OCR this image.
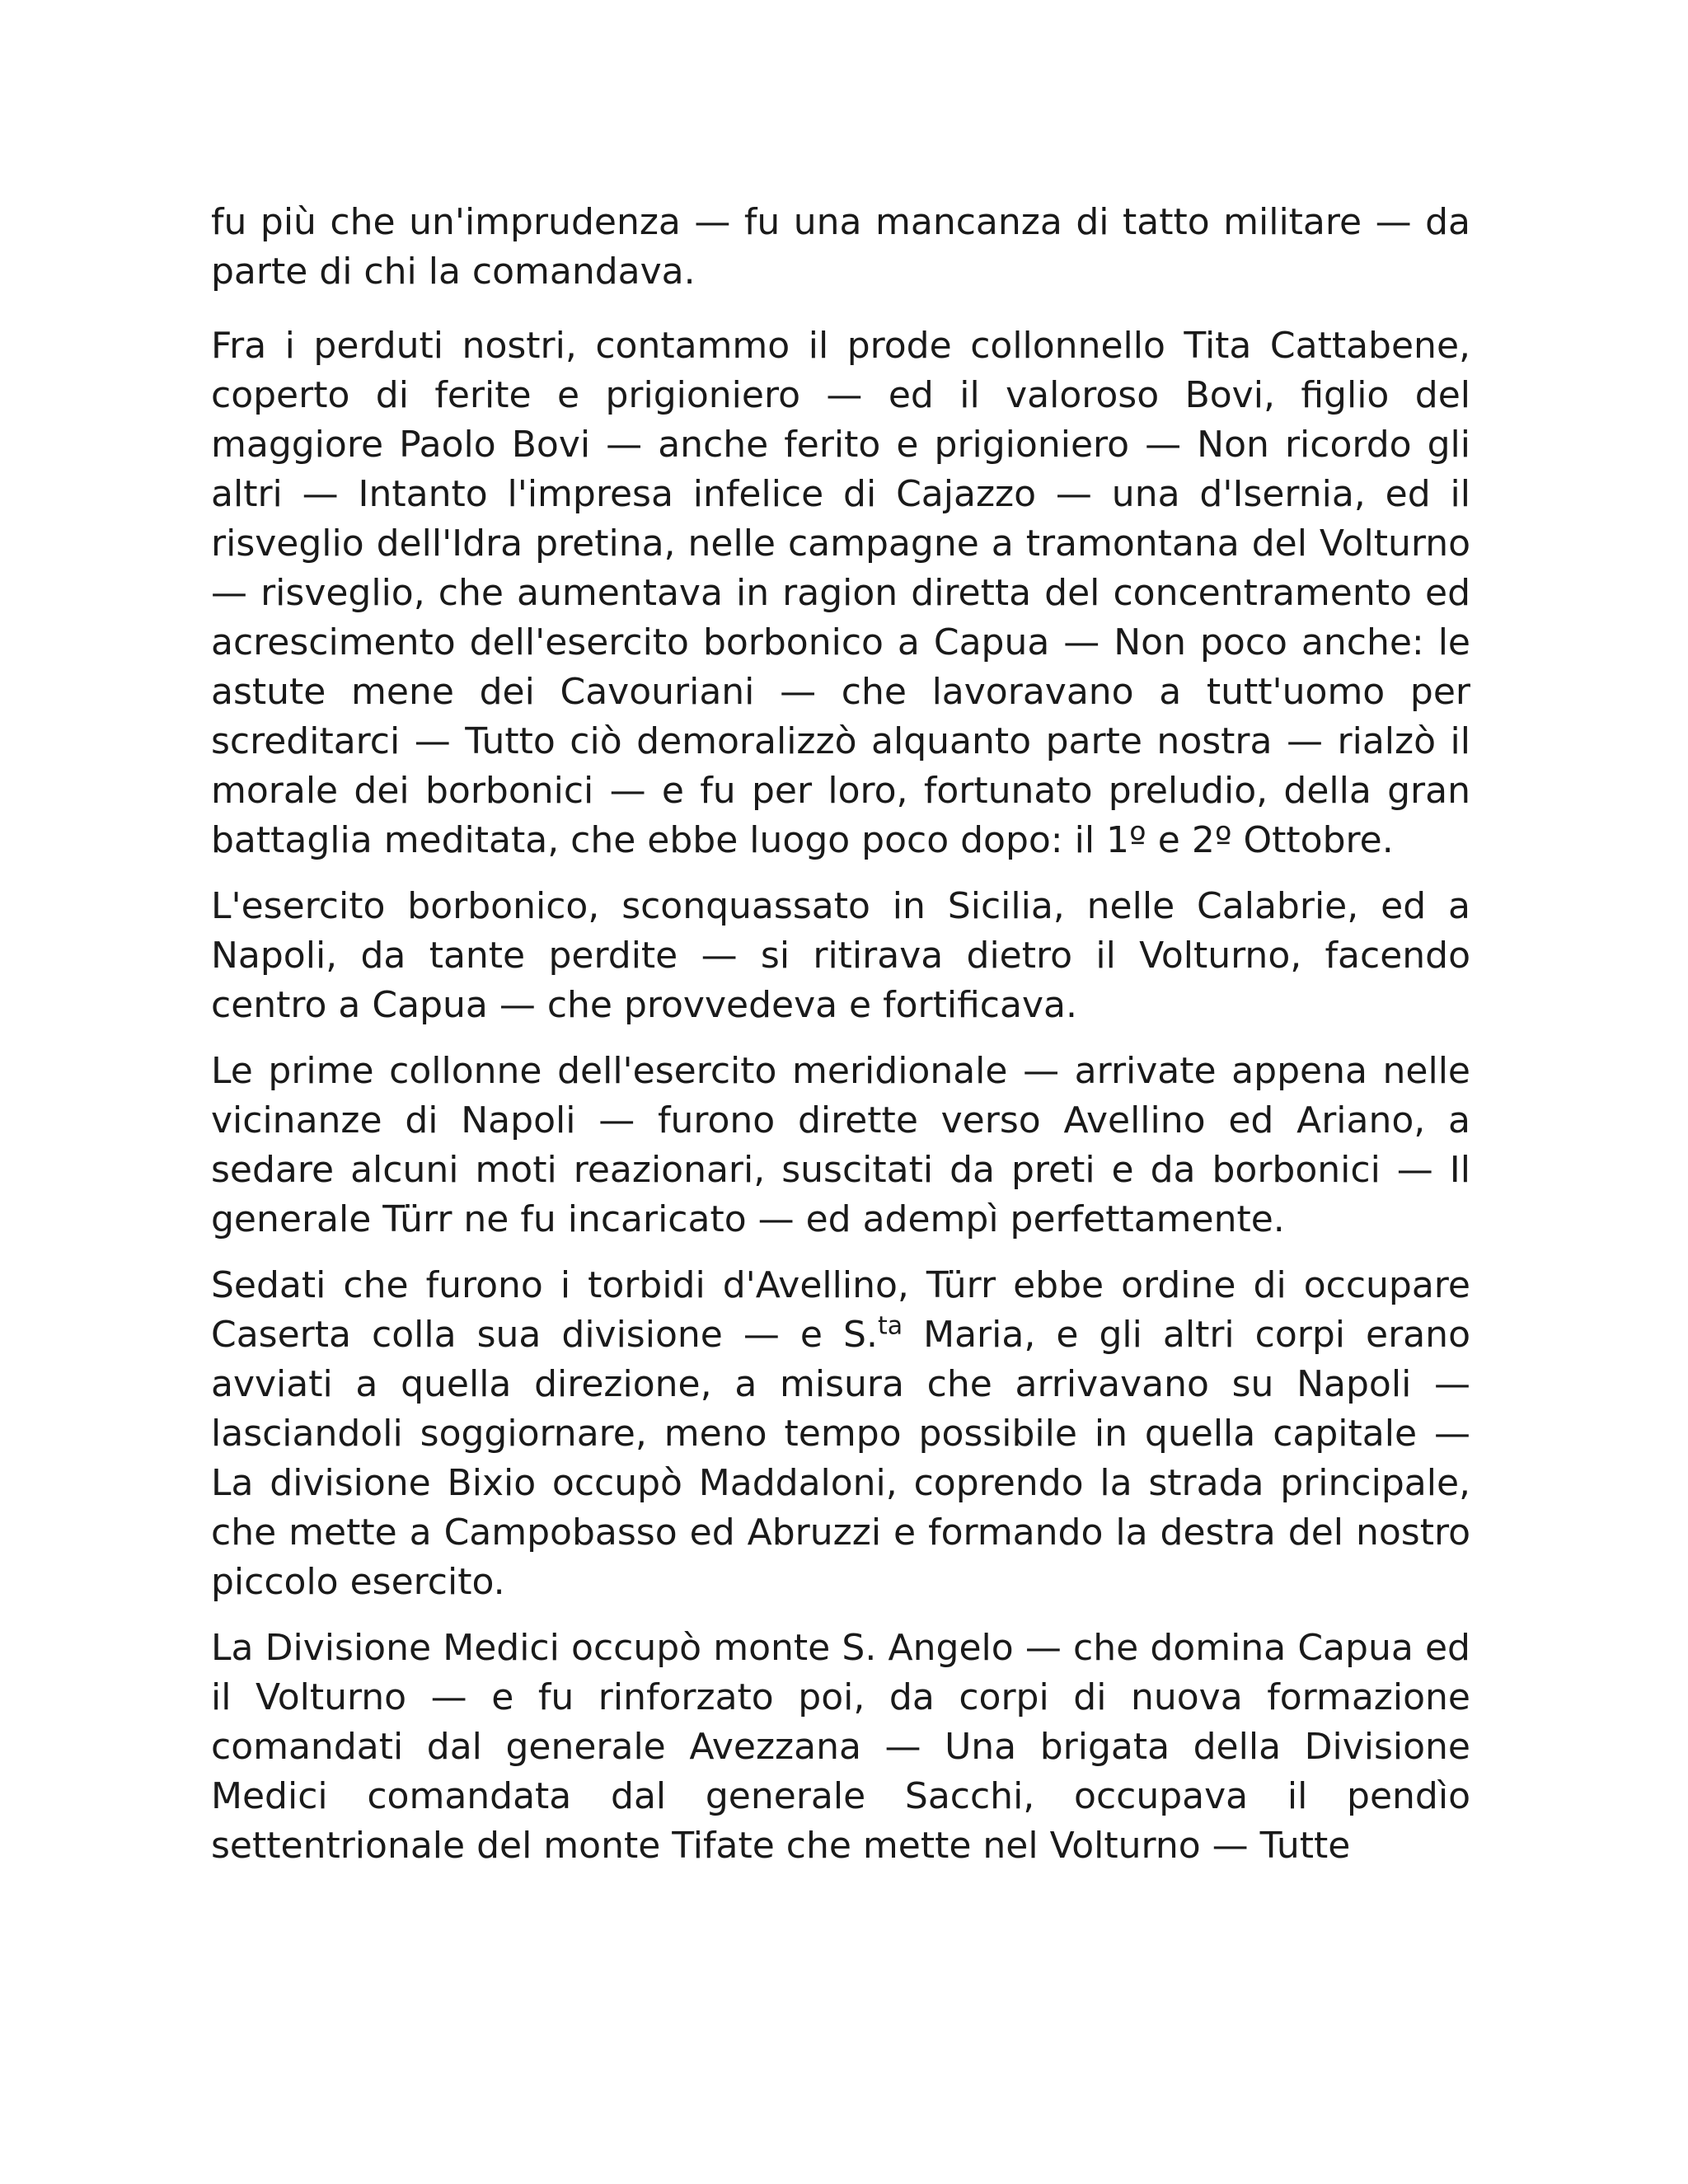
fu più che un'imprudenza — fu una mancanza di tatto militare — da parte di chi la comandava.

Fra i perduti nostri, contammo il prode collonnello Tita Cattabene, coperto di ferite e prigioniero — ed il valoroso Bovi, figlio del maggiore Paolo Bovi — anche ferito e prigioniero — Non ricordo gli altri — Intanto l'impresa infelice di Cajazzo — una d'Isernia, ed il risveglio dell'Idra pretina, nelle campagne a tramontana del Volturno — risveglio, che aumentava in ragion diretta del concentramento ed acrescimento dell'esercito borbonico a Capua — Non poco anche: le astute mene dei Cavouriani — che lavoravano a tutt'uomo per screditarci — Tutto ciò demoralizzò alquanto parte nostra — rialzò il morale dei borbonici — e fu per loro, fortunato preludio, della gran battaglia meditata, che ebbe luogo poco dopo: il 1º e 2º Ottobre.

L'esercito borbonico, sconquassato in Sicilia, nelle Calabrie, ed a Napoli, da tante perdite — si ritirava dietro il Volturno, facendo centro a Capua — che provvedeva e fortificava.

Le prime collonne dell'esercito meridionale — arrivate appena nelle vicinanze di Napoli — furono dirette verso Avellino ed Ariano, a sedare alcuni moti reazionari, suscitati da preti e da borbonici — Il generale Türr ne fu incaricato — ed adempì perfettamente.

Sedati che furono i torbidi d'Avellino, Türr ebbe ordine di occupare Caserta colla sua divisione — e S.$^{ta}$ Maria, e gli altri corpi erano avviati a quella direzione, a misura che arrivavano su Napoli — lasciandoli soggiornare, meno tempo possibile in quella capitale — La divisione Bixio occupò Maddaloni, coprendo la strada principale, che mette a Campobasso ed Abruzzi e formando la destra del nostro piccolo esercito.

La Divisione Medici occupò monte S. Angelo — che domina Capua ed il Volturno — e fu rinforzato poi, da corpi di nuova formazione comandati dal generale Avezzana — Una brigata della Divisione Medici comandata dal generale Sacchi, occupava il pendìo settentrionale del monte Tifate che mette nel Volturno — Tutte
